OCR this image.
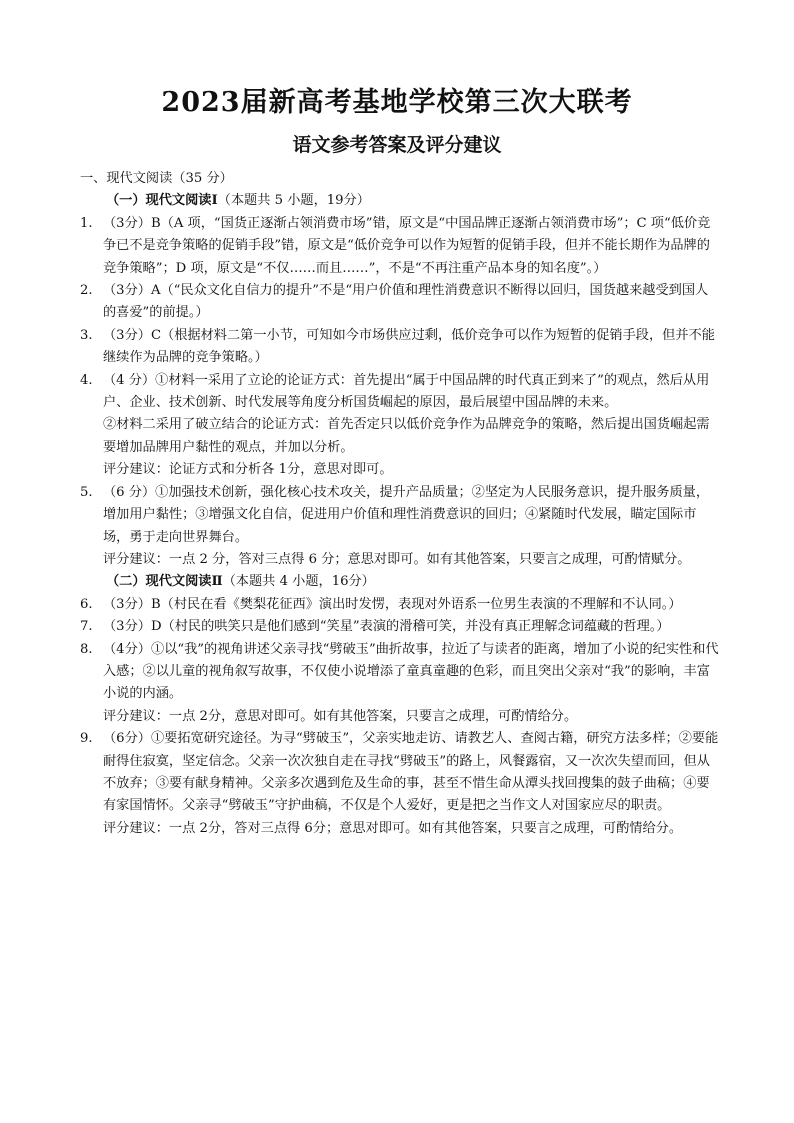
2023届新高考基地学校第三次大联考
语文参考答案及评分建议

一、现代文阅读（35 分）

（一）现代文阅读Ⅰ（本题共 5 小题，19分）

1. （3分）B（A 项，“国货正逐渐占领消费市场”错，原文是“中国品牌正逐渐占领消费市场”；C 项“低价竞争已不是竞争策略的促销手段”错，原文是“低价竞争可以作为短暂的促销手段，但并不能长期作为品牌的竞争策略”；D 项，原文是“不仅……而且……”，不是“不再注重产品本身的知名度”。）

2. （3分）A（“民众文化自信力的提升”不是“用户价值和理性消费意识不断得以回归，国货越来越受到国人的喜爱”的前提。）

3. （3分）C（根据材料二第一小节，可知如今市场供应过剩，低价竞争可以作为短暂的促销手段，但并不能继续作为品牌的竞争策略。）

4. （4 分）①材料一采用了立论的论证方式：首先提出“属于中国品牌的时代真正到来了”的观点，然后从用户、企业、技术创新、时代发展等角度分析国货崛起的原因，最后展望中国品牌的未来。

②材料二采用了破立结合的论证方式：首先否定只以低价竞争作为品牌竞争的策略，然后提出国货崛起需要增加品牌用户黏性的观点，并加以分析。

评分建议：论证方式和分析各 1分，意思对即可。

5. （6 分）①加强技术创新，强化核心技术攻关，提升产品质量；②坚定为人民服务意识，提升服务质量，增加用户黏性；③增强文化自信，促进用户价值和理性消费意识的回归；④紧随时代发展，瞄定国际市场，勇于走向世界舞台。

评分建议：一点 2 分，答对三点得 6 分；意思对即可。如有其他答案，只要言之成理，可酌情赋分。

（二）现代文阅读Ⅱ（本题共 4 小题，16分）

6. （3分）B（村民在看《樊梨花征西》演出时发愣，表现对外语系一位男生表演的不理解和不认同。）

7. （3分）D（村民的哄笑只是他们感到“笑星”表演的滑稽可笑，并没有真正理解念词蕴藏的哲理。）

8. （4分）①以“我”的视角讲述父亲寻找“劈破玉”曲折故事，拉近了与读者的距离，增加了小说的纪实性和代入感；②以儿童的视角叙写故事，不仅使小说增添了童真童趣的色彩，而且突出父亲对“我”的影响，丰富小说的内涵。

评分建议：一点 2分，意思对即可。如有其他答案，只要言之成理，可酌情给分。

9. （6分）①要拓宽研究途径。为寻“劈破玉”，父亲实地走访、请教艺人、查阅古籍，研究方法多样；②要能耐得住寂寞，坚定信念。父亲一次次独自走在寻找“劈破玉”的路上，风餐露宿，又一次次失望而回，但从不放弃；③要有献身精神。父亲多次遇到危及生命的事，甚至不惜生命从潭头找回搜集的鼓子曲稿；④要有家国情怀。父亲寻“劈破玉”守护曲稿，不仅是个人爱好，更是把之当作文人对国家应尽的职责。

评分建议：一点 2分，答对三点得 6分；意思对即可。如有其他答案，只要言之成理，可酌情给分。
